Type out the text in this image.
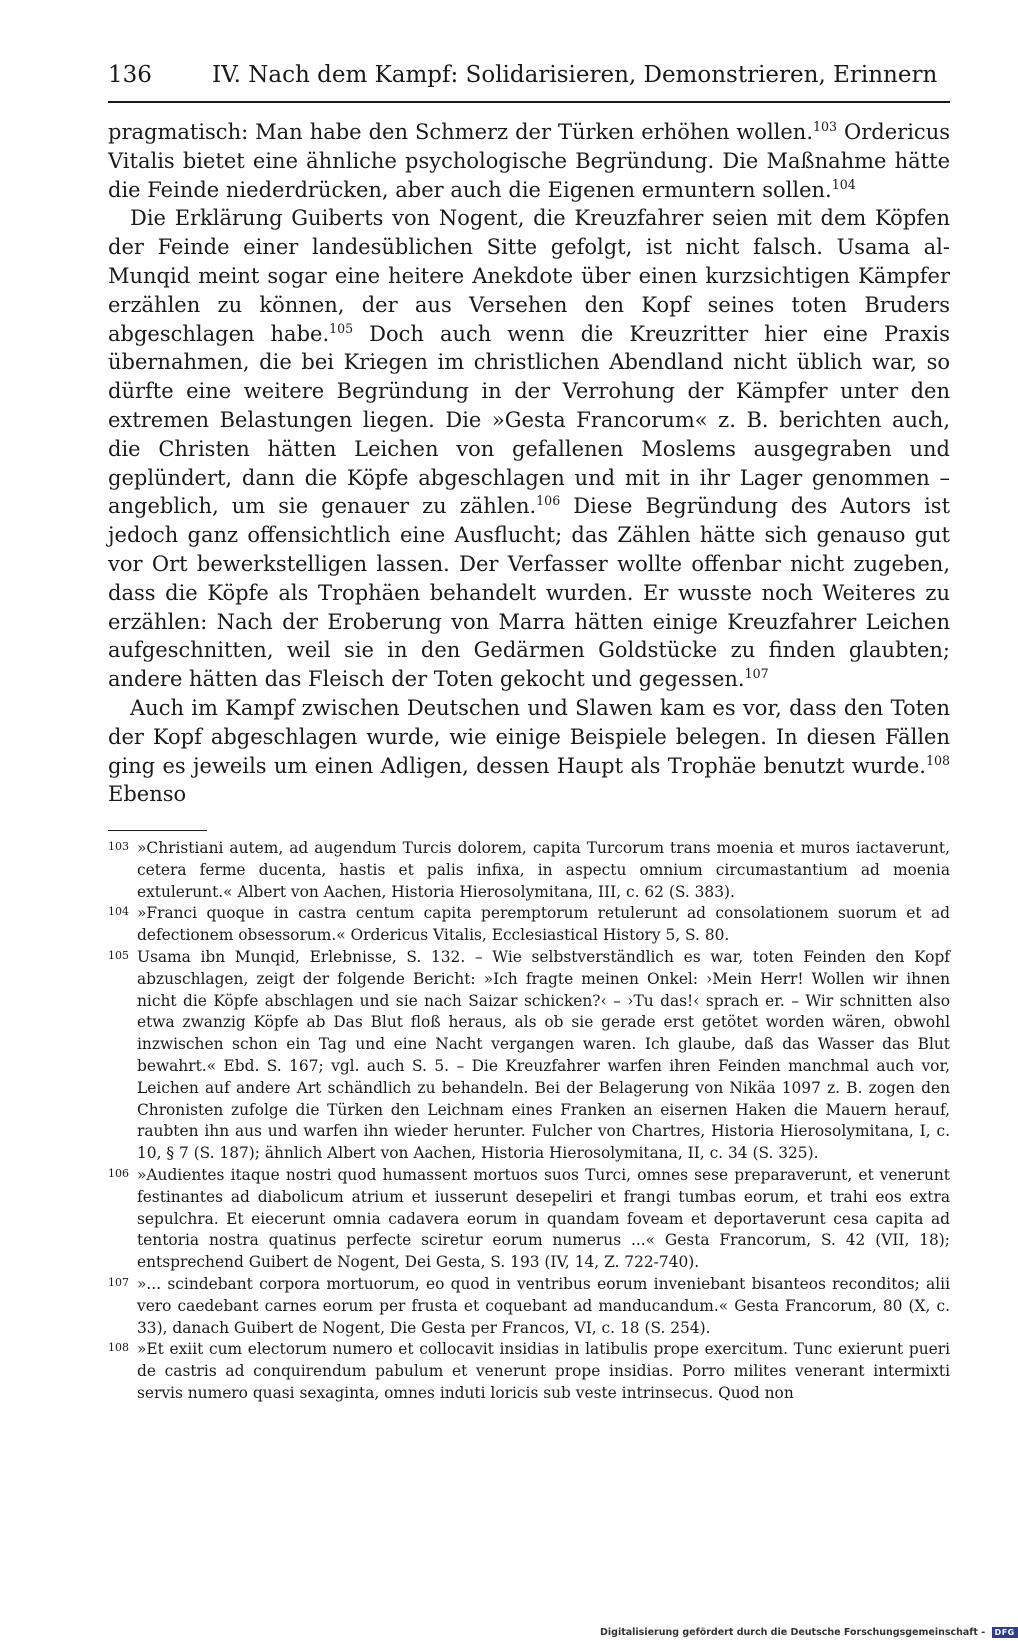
136	IV. Nach dem Kampf: Solidarisieren, Demonstrieren, Erinnern

pragmatisch: Man habe den Schmerz der Türken erhöhen wollen.$^{103}$ Ordericus Vitalis bietet eine ähnliche psychologische Begründung. Die Maßnahme hätte die Feinde niederdrücken, aber auch die Eigenen ermuntern sollen.$^{104}$

Die Erklärung Guiberts von Nogent, die Kreuzfahrer seien mit dem Köpfen der Feinde einer landesüblichen Sitte gefolgt, ist nicht falsch. Usama al-Munqid meint sogar eine heitere Anekdote über einen kurzsichtigen Kämpfer erzählen zu können, der aus Versehen den Kopf seines toten Bruders abgeschlagen habe.$^{105}$ Doch auch wenn die Kreuzritter hier eine Praxis übernahmen, die bei Kriegen im christlichen Abendland nicht üblich war, so dürfte eine weitere Begründung in der Verrohung der Kämpfer unter den extremen Belastungen liegen. Die »Gesta Francorum« z. B. berichten auch, die Christen hätten Leichen von gefallenen Moslems ausgegraben und geplündert, dann die Köpfe abgeschlagen und mit in ihr Lager genommen – angeblich, um sie genauer zu zählen.$^{106}$ Diese Begründung des Autors ist jedoch ganz offensichtlich eine Ausflucht; das Zählen hätte sich genauso gut vor Ort bewerkstelligen lassen. Der Verfasser wollte offenbar nicht zugeben, dass die Köpfe als Trophäen behandelt wurden. Er wusste noch Weiteres zu erzählen: Nach der Eroberung von Marra hätten einige Kreuzfahrer Leichen aufgeschnitten, weil sie in den Gedärmen Goldstücke zu finden glaubten; andere hätten das Fleisch der Toten gekocht und gegessen.$^{107}$

Auch im Kampf zwischen Deutschen und Slawen kam es vor, dass den Toten der Kopf abgeschlagen wurde, wie einige Beispiele belegen. In diesen Fällen ging es jeweils um einen Adligen, dessen Haupt als Trophäe benutzt wurde.$^{108}$ Ebenso

103 »Christiani autem, ad augendum Turcis dolorem, capita Turcorum trans moenia et muros iactaverunt, cetera ferme ducenta, hastis et palis infixa, in aspectu omnium circumastantium ad moenia extulerunt.« Albert von Aachen, Historia Hierosolymitana, III, c. 62 (S. 383).
104 »Franci quoque in castra centum capita peremptorum retulerunt ad consolationem suorum et ad defectionem obsessorum.« Ordericus Vitalis, Ecclesiastical History 5, S. 80.
105 Usama ibn Munqid, Erlebnisse, S. 132. – Wie selbstverständlich es war, toten Feinden den Kopf abzuschlagen, zeigt der folgende Bericht: »Ich fragte meinen Onkel: ›Mein Herr! Wollen wir ihnen nicht die Köpfe abschlagen und sie nach Saizar schicken?‹ – ›Tu das!‹ sprach er. – Wir schnitten also etwa zwanzig Köpfe ab Das Blut floß heraus, als ob sie gerade erst getötet worden wären, obwohl inzwischen schon ein Tag und eine Nacht vergangen waren. Ich glaube, daß das Wasser das Blut bewahrt.« Ebd. S. 167; vgl. auch S. 5. – Die Kreuzfahrer warfen ihren Feinden manchmal auch vor, Leichen auf andere Art schändlich zu behandeln. Bei der Belagerung von Nikäa 1097 z. B. zogen den Chronisten zufolge die Türken den Leichnam eines Franken an eisernen Haken die Mauern herauf, raubten ihn aus und warfen ihn wieder herunter. Fulcher von Chartres, Historia Hierosolymitana, I, c. 10, § 7 (S. 187); ähnlich Albert von Aachen, Historia Hierosolymitana, II, c. 34 (S. 325).
106 »Audientes itaque nostri quod humassent mortuos suos Turci, omnes sese preparaverunt, et venerunt festinantes ad diabolicum atrium et iusserunt desepeliri et frangi tumbas eorum, et trahi eos extra sepulchra. Et eiecerunt omnia cadavera eorum in quandam foveam et deportaverunt cesa capita ad tentoria nostra quatinus perfecte sciretur eorum numerus ...« Gesta Francorum, S. 42 (VII, 18); entsprechend Guibert de Nogent, Dei Gesta, S. 193 (IV, 14, Z. 722-740).
107 »... scindebant corpora mortuorum, eo quod in ventribus eorum inveniebant bisanteos reconditos; alii vero caedebant carnes eorum per frusta et coquebant ad manducandum.« Gesta Francorum, 80 (X, c. 33), danach Guibert de Nogent, Die Gesta per Francos, VI, c. 18 (S. 254).
108 »Et exiit cum electorum numero et collocavit insidias in latibulis prope exercitum. Tunc exierunt pueri de castris ad conquirendum pabulum et venerunt prope insidias. Porro milites venerant intermixti servis numero quasi sexaginta, omnes induti loricis sub veste intrinsecus. Quod non
Digitalisierung gefördert durch die Deutsche Forschungsgemeinschaft - DFG
